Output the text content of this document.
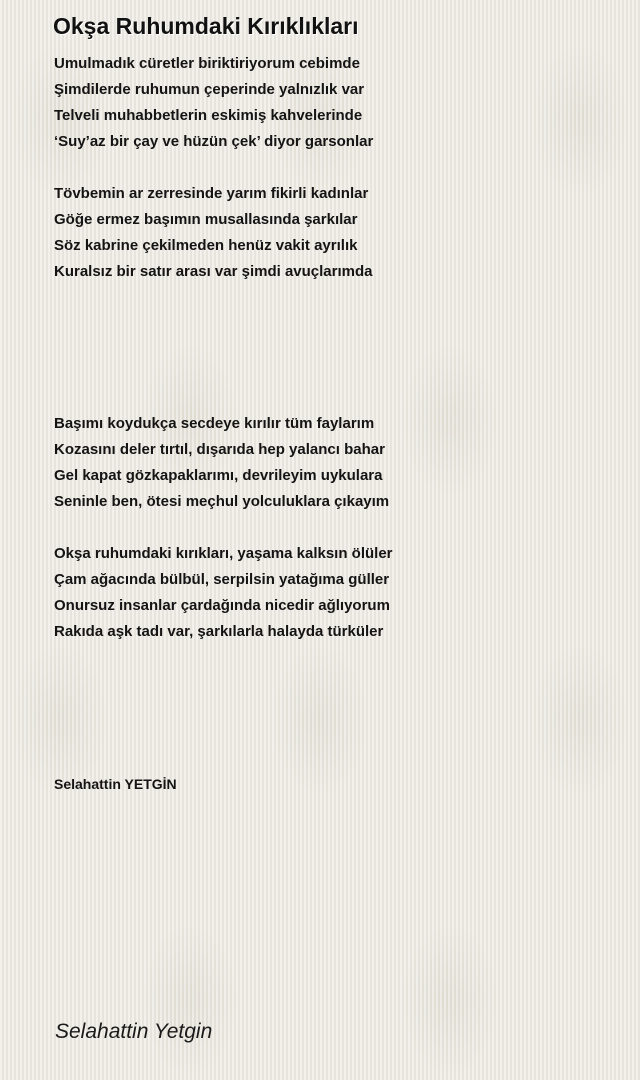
Okşa Ruhumdaki Kırıklıkları
Umulmadık cüretler biriktiriyorum cebimde
Şimdilerde ruhumun çeperinde yalnızlık var
Telveli muhabbetlerin eskimiş kahvelerinde
‘Suy’az bir çay ve hüzün çek’ diyor garsonlar
Tövbemin ar zerresinde yarım fikirli kadınlar
Göğe ermez başımın musallasında şarkılar
Söz kabrine çekilmeden henüz vakit ayrılık
Kuralsız bir satır arası var şimdi avuçlarımda
Başımı koydukça secdeye kırılır tüm faylarım
Kozasını deler tırtıl, dışarıda hep yalancı bahar
Gel kapat gözkapaklarımı, devrileyim uykulara
Seninle ben, ötesi meçhul yolculuklara çıkayım
Okşa ruhumdaki kırıkları, yaşama kalksın ölüler
Çam ağacında bülbül, serpilsin yatağıma güller
Onursuz insanlar çardağında nicedir ağlıyorum
Rakıda aşk tadı var, şarkılarla halayda türküler
Selahattin YETGİN
Selahattin Yetgin
